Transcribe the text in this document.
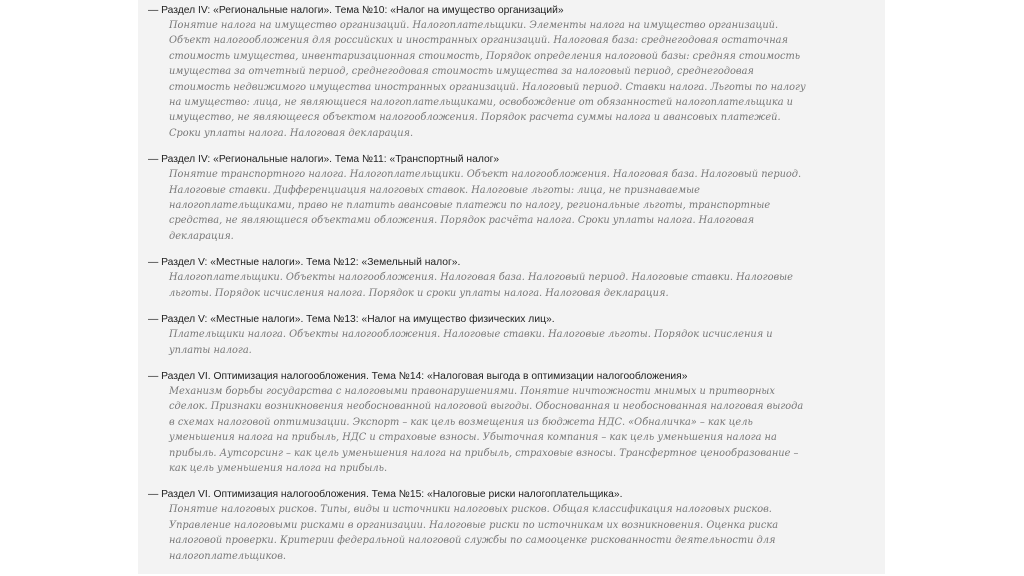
— Раздел IV: «Региональные налоги». Тема №10: «Налог на имущество организаций»
Понятие налога на имущество организаций. Налогоплательщики. Элементы налога на имущество организаций. Объект налогообложения для российских и иностранных организаций. Налоговая база: среднегодовая остаточная стоимость имущества, инвентаризационная стоимость, Порядок определения налоговой базы: средняя стоимость имущества за отчетный период, среднегодовая стоимость имущества за налоговый период, среднегодовая стоимость недвижимого имущества иностранных организаций. Налоговый период. Ставки налога. Льготы по налогу на имущество: лица, не являющиеся налогоплательщиками, освобождение от обязанностей налогоплательщика и имущество, не являющееся объектом налогообложения. Порядок расчета суммы налога и авансовых платежей. Сроки уплаты налога. Налоговая декларация.
— Раздел IV: «Региональные налоги». Тема №11: «Транспортный налог»
Понятие транспортного налога. Налогоплательщики. Объект налогообложения. Налоговая база. Налоговый период. Налоговые ставки. Дифференциация налоговых ставок. Налоговые льготы: лица, не признаваемые налогоплательщиками, право не платить авансовые платежи по налогу, региональные льготы, транспортные средства, не являющиеся объектами обложения. Порядок расчёта налога. Сроки уплаты налога. Налоговая декларация.
— Раздел V: «Местные налоги». Тема №12: «Земельный налог».
Налогоплательщики. Объекты налогообложения. Налоговая база. Налоговый период. Налоговые ставки. Налоговые льготы. Порядок исчисления налога. Порядок и сроки уплаты налога. Налоговая декларация.
— Раздел V: «Местные налоги». Тема №13: «Налог на имущество физических лиц».
Плательщики налога. Объекты налогообложения. Налоговые ставки. Налоговые льготы. Порядок исчисления и уплаты налога.
— Раздел VI. Оптимизация налогообложения. Тема №14: «Налоговая выгода в оптимизации налогообложения»
Механизм борьбы государства с налоговыми правонарушениями. Понятие ничтожности мнимых и притворных сделок. Признаки возникновения необоснованной налоговой выгоды. Обоснованная и необоснованная налоговая выгода в схемах налоговой оптимизации. Экспорт – как цель возмещения из бюджета НДС. «Обналичка» – как цель уменьшения налога на прибыль, НДС и страховые взносы. Убыточная компания – как цель уменьшения налога на прибыль. Аутсорсинг – как цель уменьшения налога на прибыль, страховые взносы. Трансфертное ценообразование – как цель уменьшения налога на прибыль.
— Раздел VI. Оптимизация налогообложения. Тема №15: «Налоговые риски налогоплательщика».
Понятие налоговых рисков. Типы, виды и источники налоговых рисков. Общая классификация налоговых рисков. Управление налоговыми рисками в организации. Налоговые риски по источникам их возникновения. Оценка риска налоговой проверки. Критерии федеральной налоговой службы по самооценке рискованности деятельности для налогоплательщиков.
